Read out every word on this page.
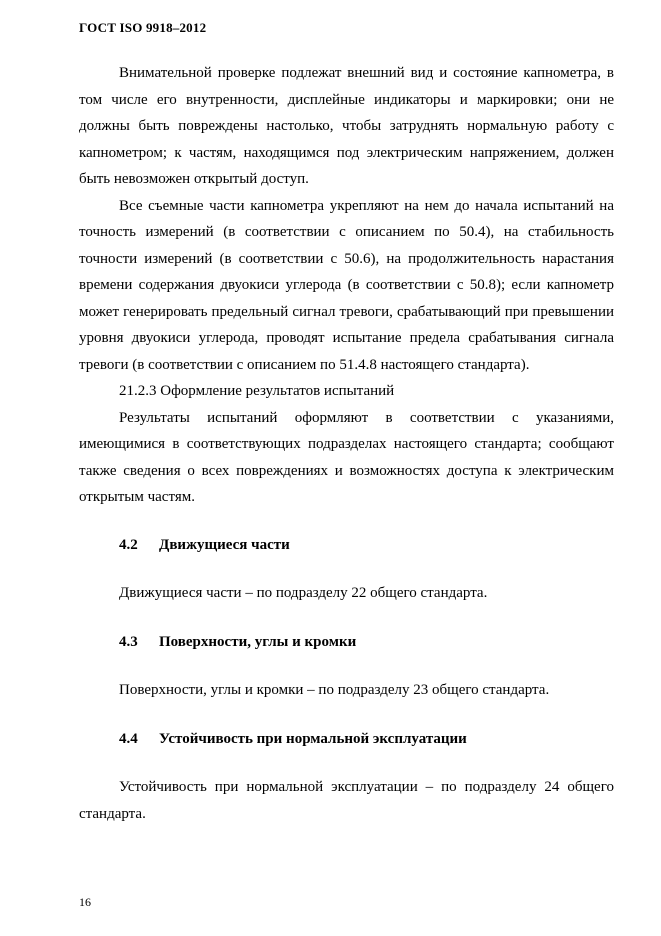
ГОСТ ISO 9918–2012

Внимательной проверке подлежат внешний вид и состояние капнометра, в том числе его внутренности, дисплейные индикаторы и маркировки; они не должны быть повреждены настолько, чтобы затруднять нормальную работу с капнометром; к частям, находящимся под электрическим напряжением, должен быть невозможен открытый доступ.

Все съемные части капнометра укрепляют на нем до начала испытаний на точность измерений (в соответствии с описанием по 50.4), на стабильность точности измерений (в соответствии с 50.6), на продолжительность нарастания времени содержания двуокиси углерода (в соответствии с 50.8); если капнометр может генерировать предельный сигнал тревоги, срабатывающий при превышении уровня двуокиси углерода, проводят испытание предела срабатывания сигнала тревоги (в соответствии с описанием по 51.4.8 настоящего стандарта).

21.2.3 Оформление результатов испытаний

Результаты испытаний оформляют в соответствии с указаниями, имеющимися в соответствующих подразделах настоящего стандарта; сообщают также сведения о всех повреждениях и возможностях доступа к электрическим открытым частям.

4.2 Движущиеся части

Движущиеся части – по подразделу 22 общего стандарта.

4.3 Поверхности, углы и кромки

Поверхности, углы и кромки – по подразделу 23 общего стандарта.

4.4 Устойчивость при нормальной эксплуатации

Устойчивость при нормальной эксплуатации – по подразделу 24 общего стандарта.

16
